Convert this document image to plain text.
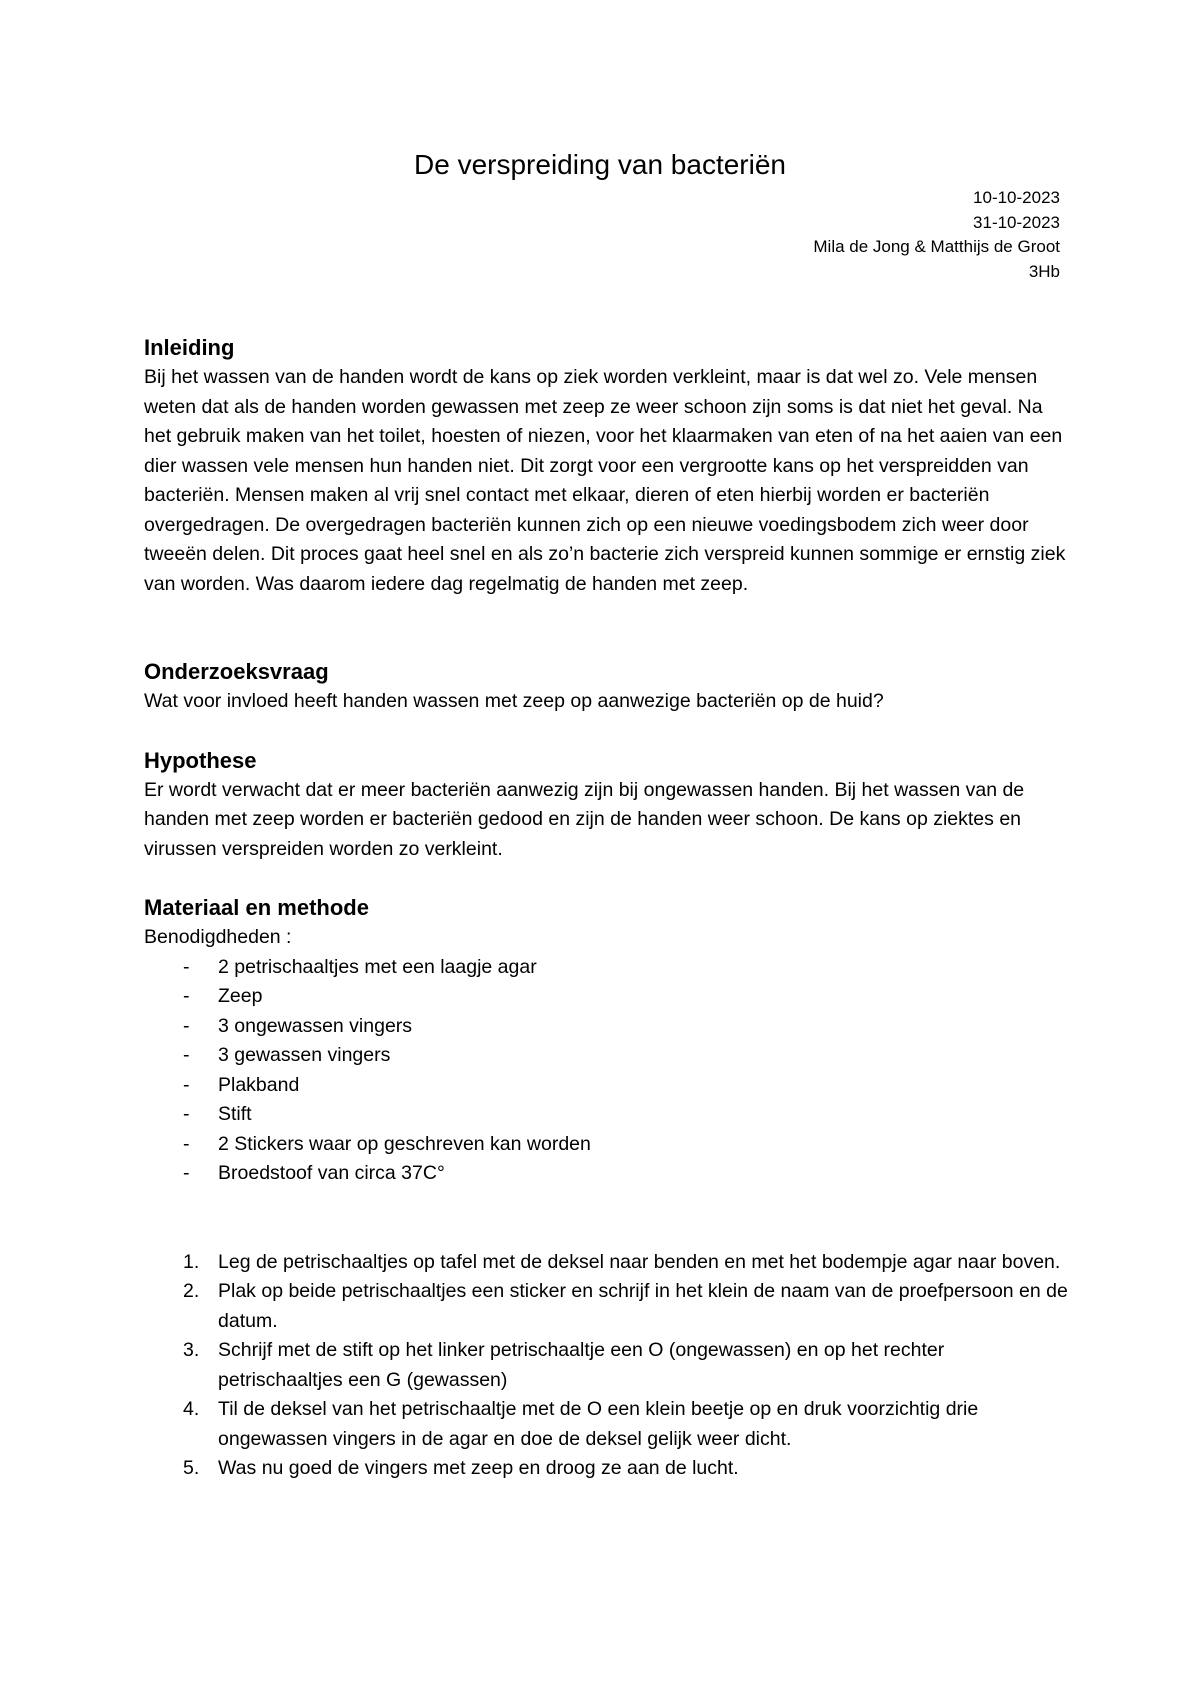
De verspreiding van bacteriën
10-10-2023
31-10-2023
Mila de Jong & Matthijs de Groot
3Hb
Inleiding

Bij het wassen van de handen wordt de kans op ziek worden verkleint, maar is dat wel zo. Vele mensen weten dat als de handen worden gewassen met zeep ze weer schoon zijn soms is dat niet het geval. Na het gebruik maken van het toilet, hoesten of niezen, voor het klaarmaken van eten of na het aaien van een dier wassen vele mensen hun handen niet. Dit zorgt voor een vergrootte kans op het verspreidden van bacteriën. Mensen maken al vrij snel contact met elkaar, dieren of eten hierbij worden er bacteriën overgedragen. De overgedragen bacteriën kunnen zich op een nieuwe voedingsbodem zich weer door tweeën delen. Dit proces gaat heel snel en als zo’n bacterie zich verspreid kunnen sommige er ernstig ziek van worden. Was daarom iedere dag regelmatig de handen met zeep.

Onderzoeksvraag

Wat voor invloed heeft handen wassen met zeep op aanwezige bacteriën op de huid?

Hypothese

Er wordt verwacht dat er meer bacteriën aanwezig zijn bij ongewassen handen. Bij het wassen van de handen met zeep worden er bacteriën gedood en zijn de handen weer schoon. De kans op ziektes en virussen verspreiden worden zo verkleint.

Materiaal en methode
Benodigdheden :
- 2 petrischaaltjes met een laagje agar
- Zeep
- 3 ongewassen vingers
- 3 gewassen vingers
- Plakband
- Stift
- 2 Stickers waar op geschreven kan worden
- Broedstoof van circa 37C°
1. Leg de petrischaaltjes op tafel met de deksel naar benden en met het bodempje agar naar boven.
2. Plak op beide petrischaaltjes een sticker en schrijf in het klein de naam van de proefpersoon en de datum.
3. Schrijf met de stift op het linker petrischaaltje een O (ongewassen) en op het rechter petrischaaltjes een G (gewassen)
4. Til de deksel van het petrischaaltje met de O een klein beetje op en druk voorzichtig drie ongewassen vingers in de agar en doe de deksel gelijk weer dicht.
5. Was nu goed de vingers met zeep en droog ze aan de lucht.
